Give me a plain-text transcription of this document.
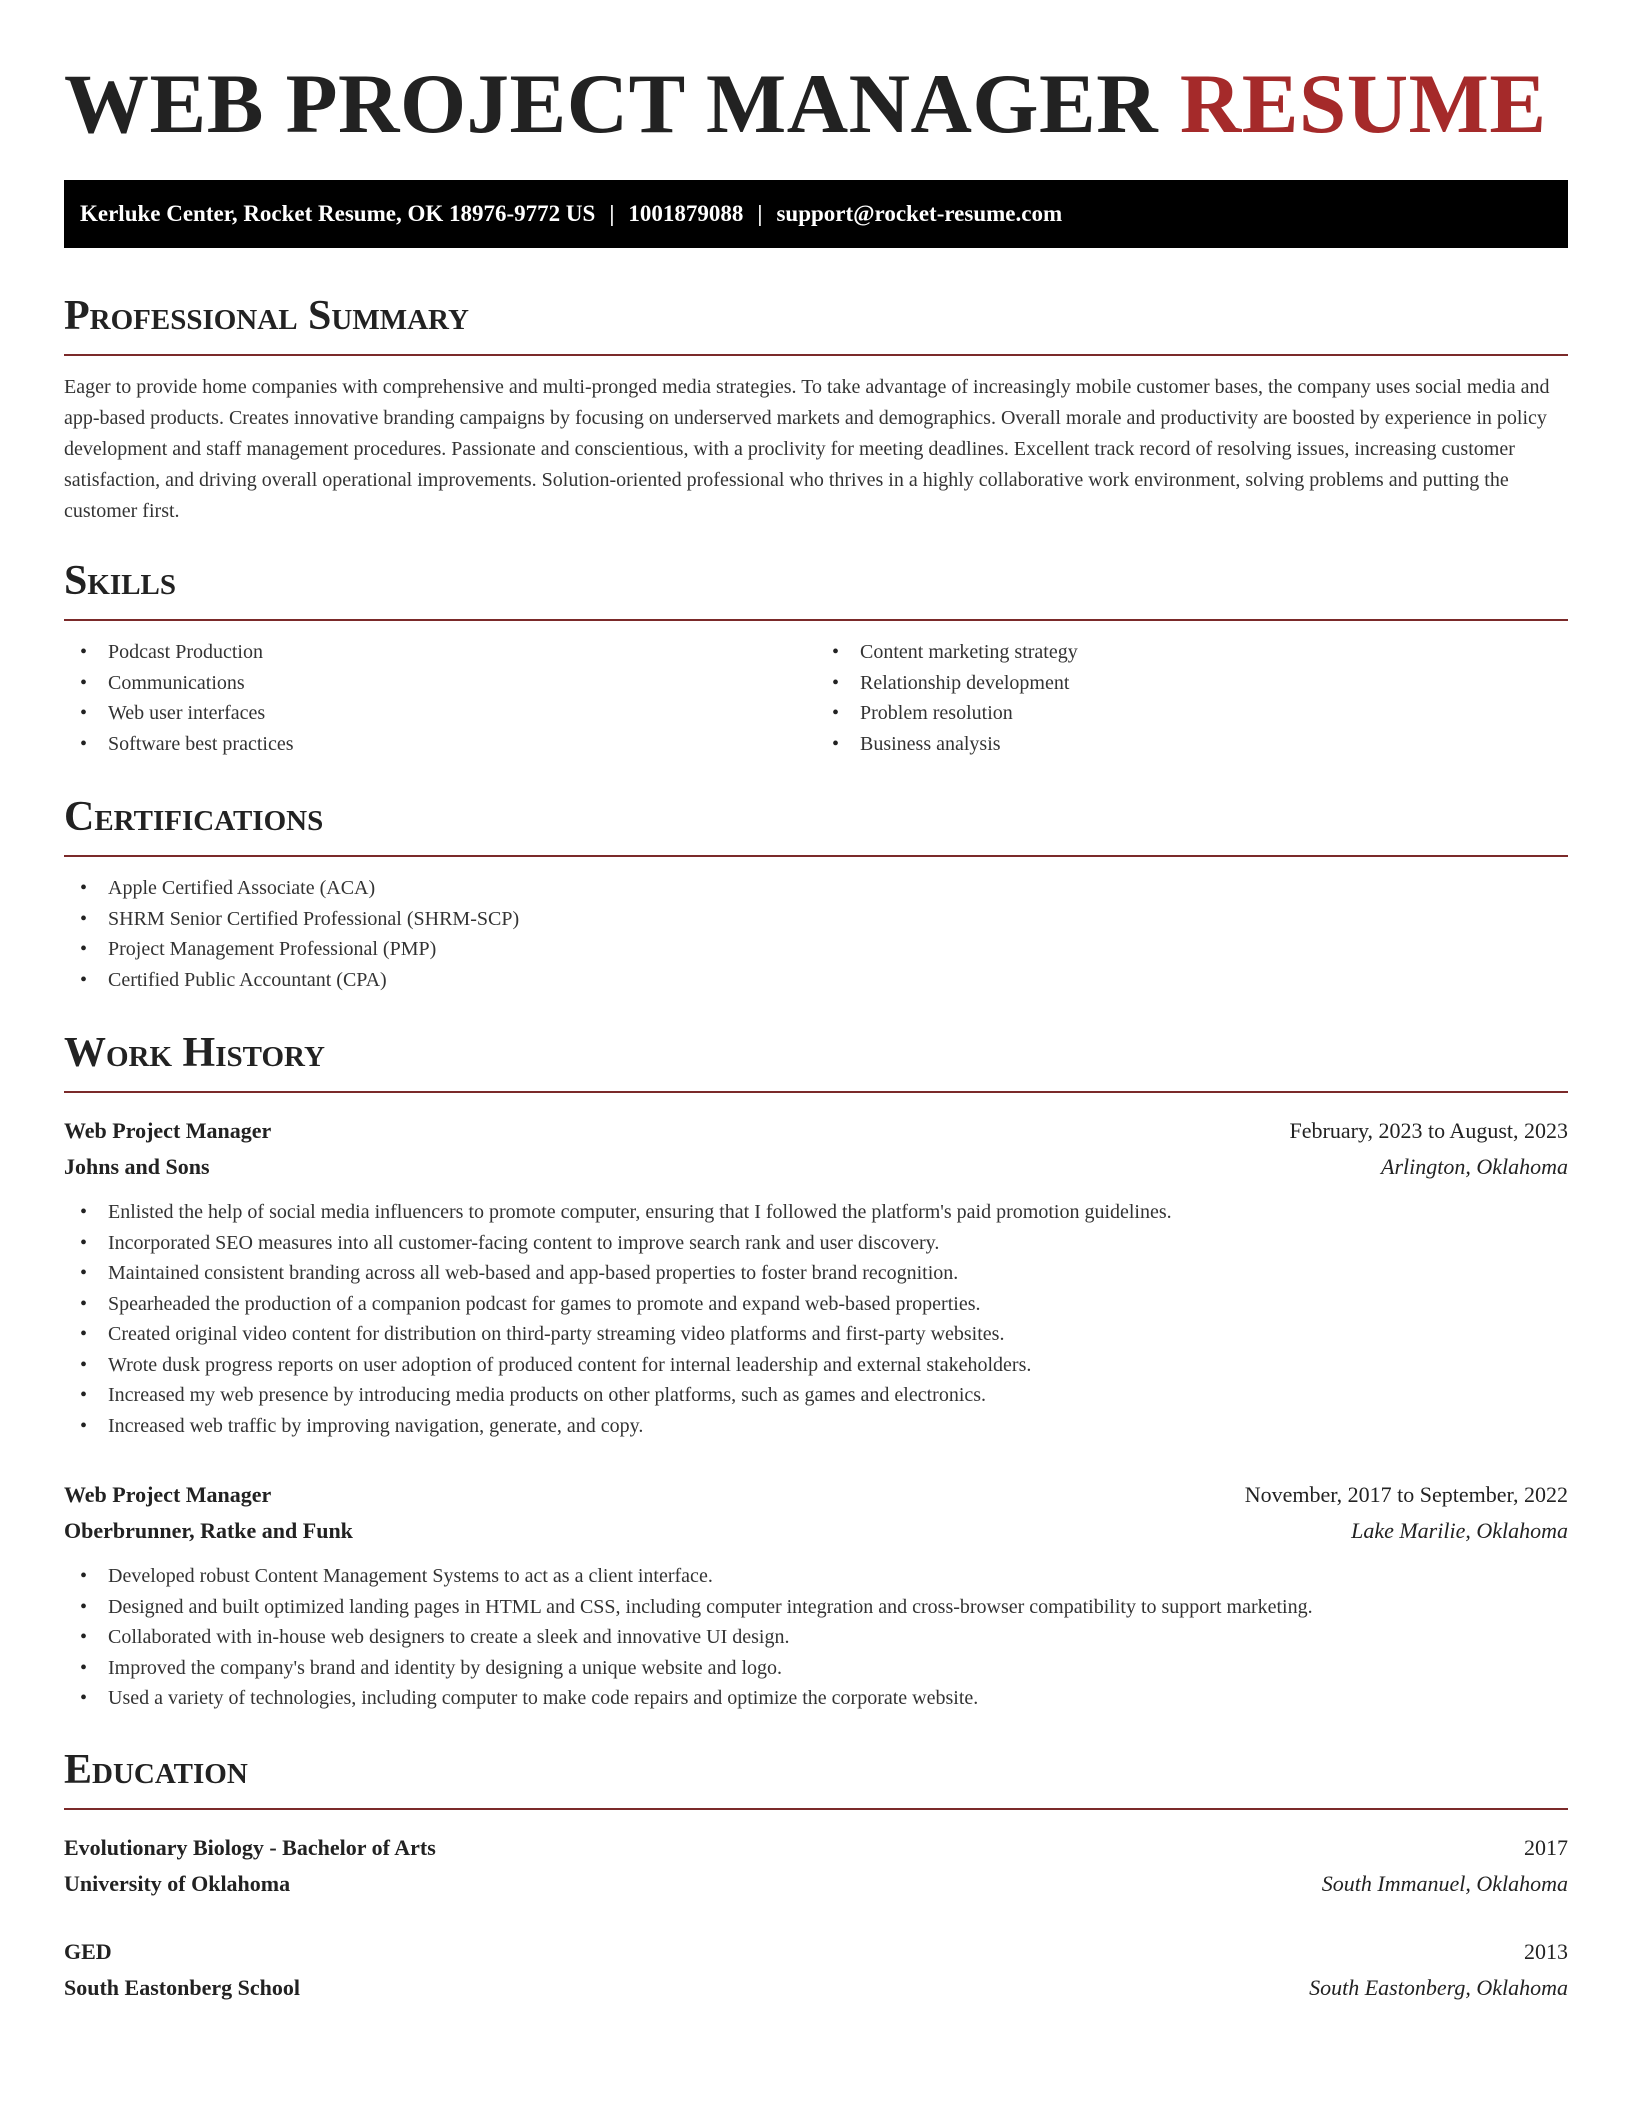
WEB PROJECT MANAGER RESUME
Kerluke Center, Rocket Resume, OK 18976-9772 US | 1001879088 | support@rocket-resume.com
Professional Summary

Eager to provide home companies with comprehensive and multi-pronged media strategies. To take advantage of increasingly mobile customer bases, the company uses social media and app-based products. Creates innovative branding campaigns by focusing on underserved markets and demographics. Overall morale and productivity are boosted by experience in policy development and staff management procedures. Passionate and conscientious, with a proclivity for meeting deadlines. Excellent track record of resolving issues, increasing customer satisfaction, and driving overall operational improvements. Solution-oriented professional who thrives in a highly collaborative work environment, solving problems and putting the customer first.

Skills
• Podcast Production
• Communications
• Web user interfaces
• Software best practices
• Content marketing strategy
• Relationship development
• Problem resolution
• Business analysis
Certifications
• Apple Certified Associate (ACA)
• SHRM Senior Certified Professional (SHRM-SCP)
• Project Management Professional (PMP)
• Certified Public Accountant (CPA)
Work History
Web Project Manager	February, 2023 to August, 2023
Johns and Sons	Arlington, Oklahoma
• Enlisted the help of social media influencers to promote computer, ensuring that I followed the platform's paid promotion guidelines.
• Incorporated SEO measures into all customer-facing content to improve search rank and user discovery.
• Maintained consistent branding across all web-based and app-based properties to foster brand recognition.
• Spearheaded the production of a companion podcast for games to promote and expand web-based properties.
• Created original video content for distribution on third-party streaming video platforms and first-party websites.
• Wrote dusk progress reports on user adoption of produced content for internal leadership and external stakeholders.
• Increased my web presence by introducing media products on other platforms, such as games and electronics.
• Increased web traffic by improving navigation, generate, and copy.
Web Project Manager	November, 2017 to September, 2022
Oberbrunner, Ratke and Funk	Lake Marilie, Oklahoma
• Developed robust Content Management Systems to act as a client interface.
• Designed and built optimized landing pages in HTML and CSS, including computer integration and cross-browser compatibility to support marketing.
• Collaborated with in-house web designers to create a sleek and innovative UI design.
• Improved the company's brand and identity by designing a unique website and logo.
• Used a variety of technologies, including computer to make code repairs and optimize the corporate website.
Education
Evolutionary Biology - Bachelor of Arts	2017
University of Oklahoma	South Immanuel, Oklahoma
GED	2013
South Eastonberg School	South Eastonberg, Oklahoma
